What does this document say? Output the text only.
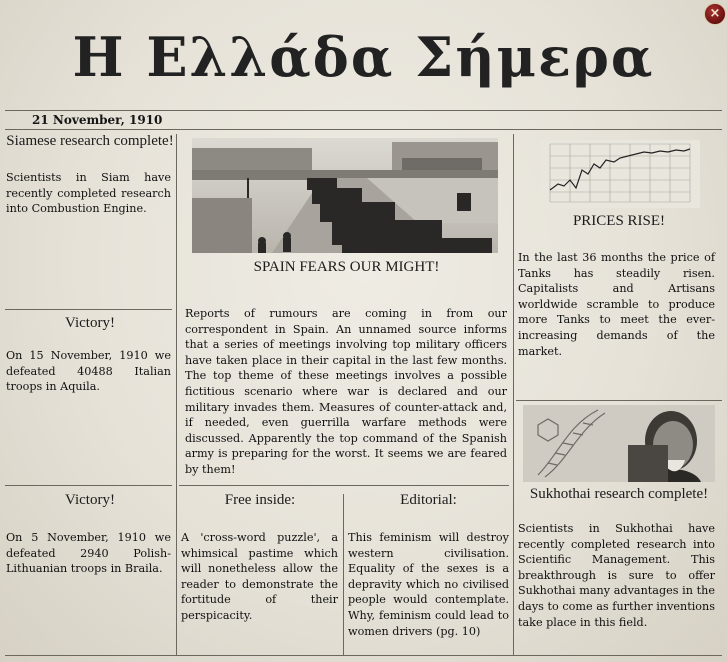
Η Ελλάδα Σήμερα
×
21 November, 1910
Siamese research complete!
Scientists in Siam have recently completed research into Combustion Engine.
Victory!
On 15 November, 1910 we defeated 40488 Italian troops in Aquila.
Victory!
On 5 November, 1910 we defeated 2940 Polish-Lithuanian troops in Braila.
SPAIN FEARS OUR MIGHT!
Reports of rumours are coming in from our correspondent in Spain. An unnamed source informs that a series of meetings involving top military officers have taken place in their capital in the last few months. The top theme of these meetings involves a possible fictitious scenario where war is declared and our military invades them. Measures of counter-attack and, if needed, even guerrilla warfare methods were discussed. Apparently the top command of the Spanish army is preparing for the worst. It seems we are feared by them!
Free inside:
A 'cross-word puzzle', a whimsical pastime which will nonetheless allow the reader to demonstrate the fortitude of their perspicacity.
Editorial:
This feminism will destroy western civilisation. Equality of the sexes is a depravity which no civilised people would contemplate. Why, feminism could lead to women drivers (pg. 10)
PRICES RISE!
In the last 36 months the price of Tanks has steadily risen. Capitalists and Artisans worldwide scramble to produce more Tanks to meet the ever-increasing demands of the market.
Sukhothai research complete!
Scientists in Sukhothai have recently completed research into Scientific Management. This breakthrough is sure to offer Sukhothai many advantages in the days to come as further inventions take place in this field.
